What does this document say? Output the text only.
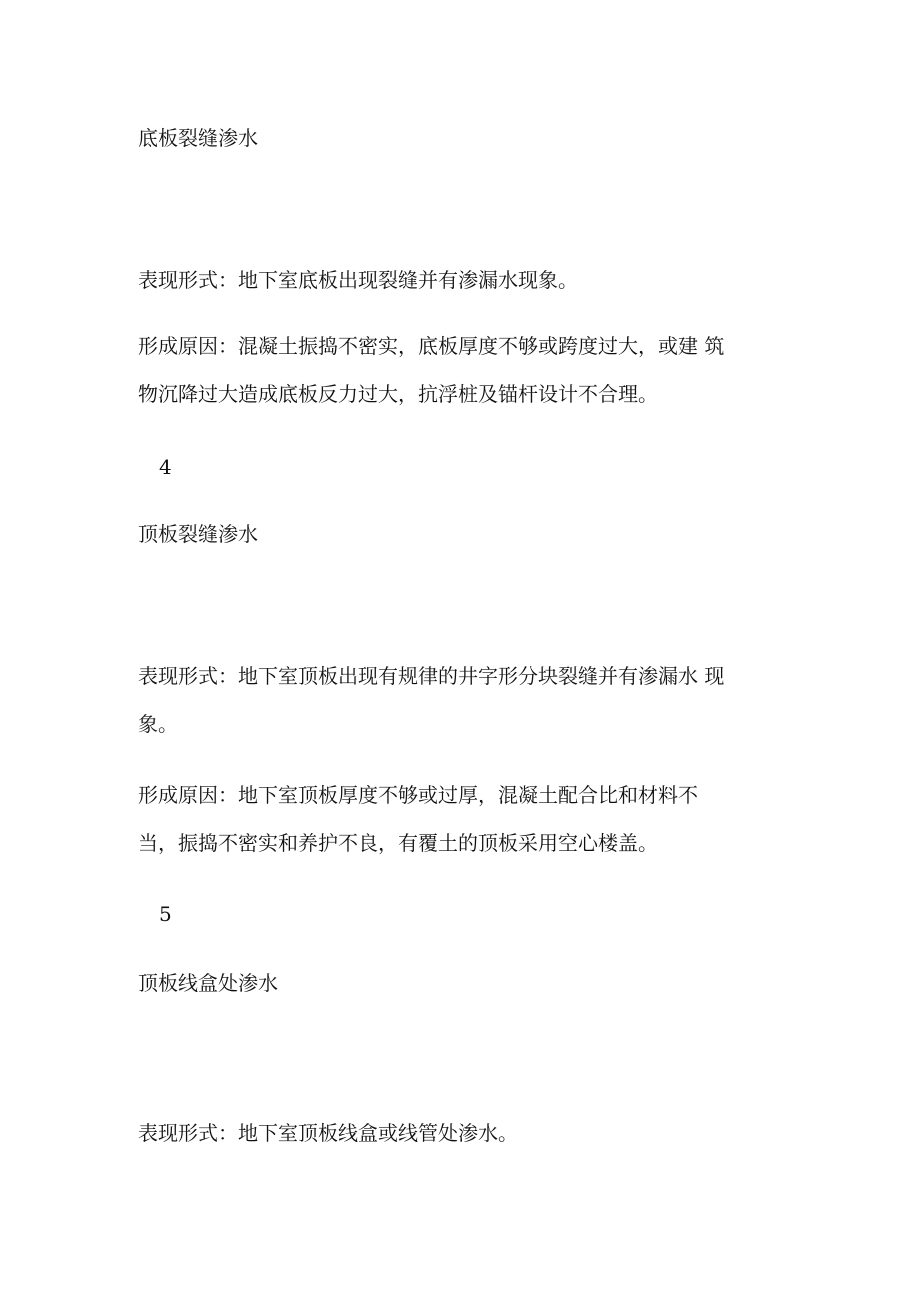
底板裂缝渗水

表现形式：地下室底板出现裂缝并有渗漏水现象。

形成原因：混凝土振捣不密实，底板厚度不够或跨度过大，或建 筑

物沉降过大造成底板反力过大，抗浮桩及锚杆设计不合理。

4

顶板裂缝渗水

表现形式：地下室顶板出现有规律的井字形分块裂缝并有渗漏水 现

象。

形成原因：地下室顶板厚度不够或过厚，混凝土配合比和材料不

当，振捣不密实和养护不良，有覆土的顶板采用空心楼盖。

5

顶板线盒处渗水

表现形式：地下室顶板线盒或线管处渗水。
